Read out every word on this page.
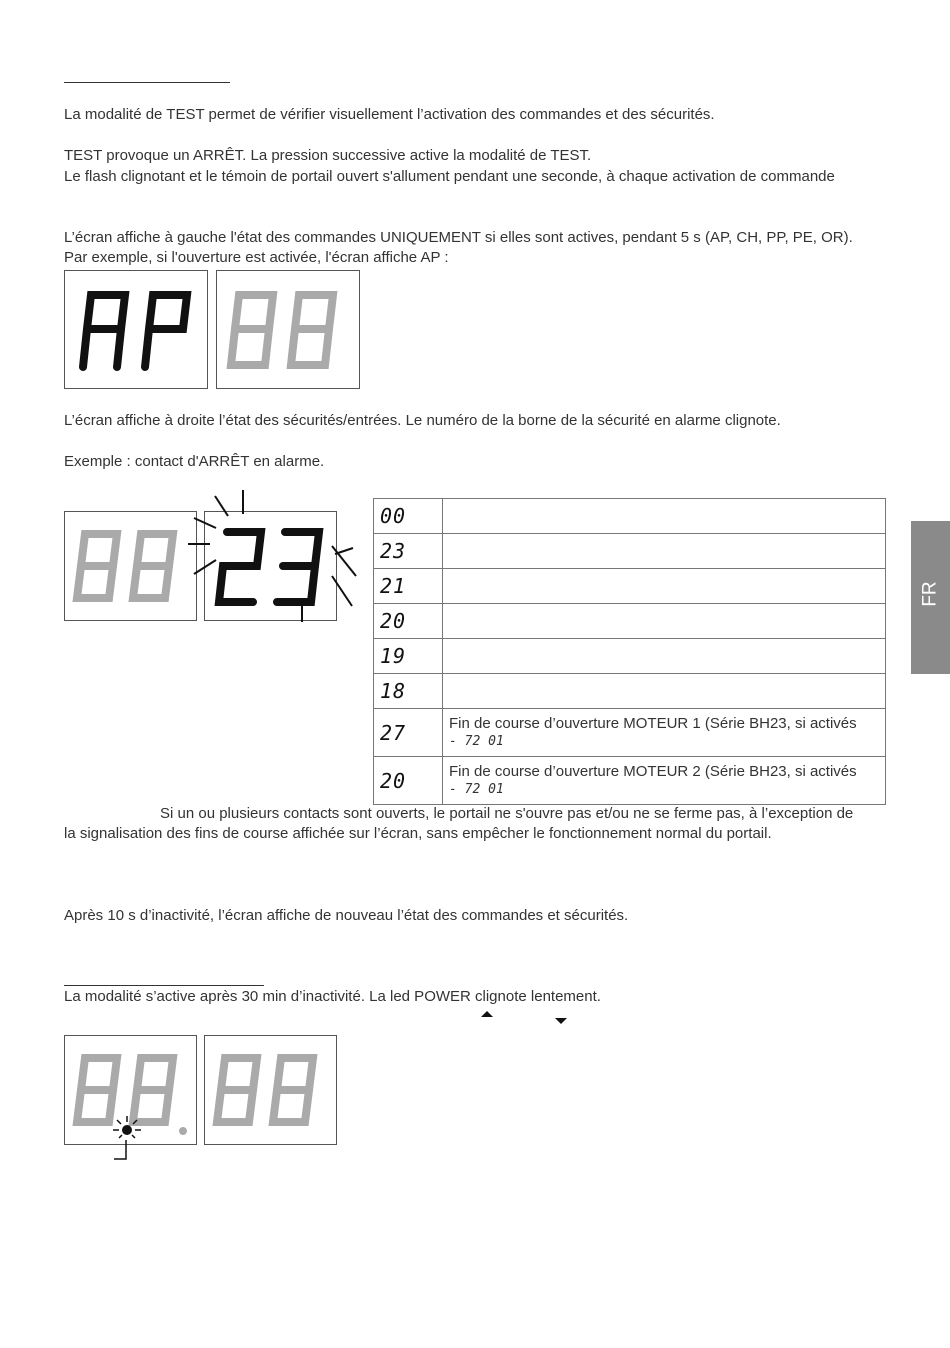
La modalité de TEST permet de vérifier visuellement l’activation des commandes et des sécurités.
TEST provoque un ARRÊT. La pression successive active la modalité de TEST.
Le flash clignotant et le témoin de portail ouvert s'allument pendant une seconde, à chaque activation de commande
L’écran affiche à gauche l'état des commandes UNIQUEMENT si elles sont actives, pendant 5 s (AP, CH, PP, PE, OR).
Par exemple, si l'ouverture est activée, l'écran affiche AP :
L’écran affiche à droite l’état des sécurités/entrées. Le numéro de la borne de la sécurité en alarme clignote.
Exemple : contact d'ARRÊT en alarme.
00	
23	
21	
20	
19	
18	
27	Fin de course d’ouverture MOTEUR 1 (Série BH23, si activés
- 72 01

20	Fin de course d’ouverture MOTEUR 2 (Série BH23, si activés
- 72 01
Si un ou plusieurs contacts sont ouverts, le portail ne s'ouvre pas et/ou ne se ferme pas, à l’exception de
la signalisation des fins de course affichée sur l’écran, sans empêcher le fonctionnement normal du portail.
Après 10 s d’inactivité, l’écran affiche de nouveau l’état des commandes et sécurités.
La modalité s’active après 30 min d’inactivité. La led POWER clignote lentement.
FR
